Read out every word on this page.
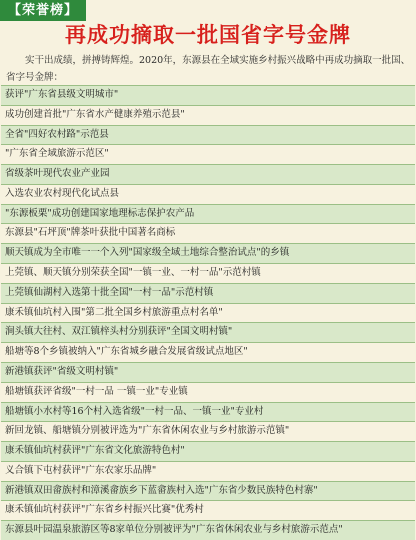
【荣誉榜】
再成功摘取一批国省字号金牌
实干出成绩，拼搏铸辉煌。2020年，东源县在全域实施乡村振兴战略中再成功摘取一批国、省字号金牌：
获评"广东省县级文明城市"
成功创建首批"广东省水产健康养殖示范县"
全省"四好农村路"示范县
"广东省全域旅游示范区"
省级茶叶现代农业产业园
入选农业农村现代化试点县
"东源板栗"成功创建国家地理标志保护农产品
东源县"石坪顶"牌茶叶获批中国著名商标
顺天镇成为全市唯一一个入列"国家级全域土地综合整治试点"的乡镇
上莞镇、顺天镇分别荣获全国"一镇一业、一村一品"示范村镇
上莞镇仙湖村入选第十批全国"一村一品"示范村镇
康禾镇仙坑村入围"第二批全国乡村旅游重点村名单"
涧头镇大往村、双江镇梓头村分别获评"全国文明村镇"
船塘等8个乡镇被纳入"广东省城乡融合发展省级试点地区"
新港镇获评"省级文明村镇"
船塘镇获评省级"一村一品 一镇一业"专业镇
船塘镇小水村等16个村入选省级"一村一品、一镇一业"专业村
新回龙镇、船塘镇分别被评选为"广东省休闲农业与乡村旅游示范镇"
康禾镇仙坑村获评"广东省文化旅游特色村"
义合镇下屯村获评"广东农家乐品牌"
新港镇双田畲族村和漳溪畲族乡下蓝畲族村入选"广东省少数民族特色村寨"
康禾镇仙坑村获评"广东省乡村振兴比赛"优秀村
东源县叶园温泉旅游区等8家单位分别被评为"广东省休闲农业与乡村旅游示范点"
